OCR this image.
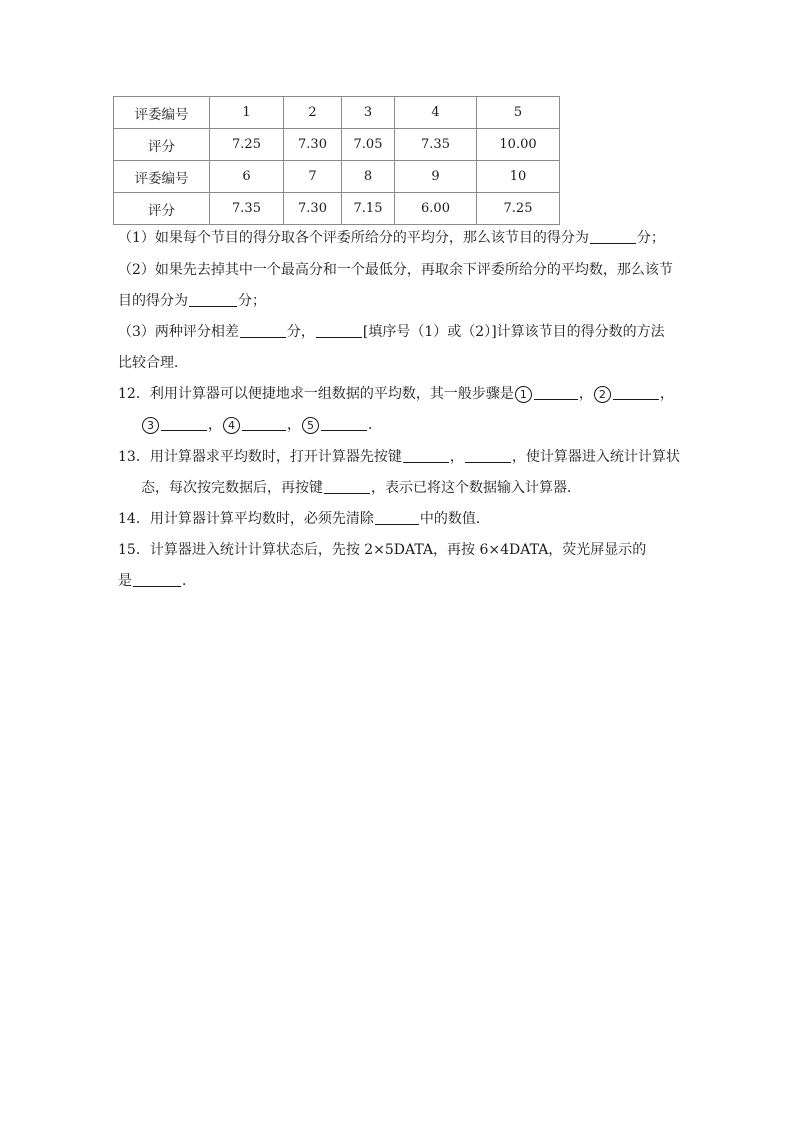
评委编号	1	2	3	4	5
评分	7.25	7.30	7.05	7.35	10.00
评委编号	6	7	8	9	10
评分	7.35	7.30	7.15	6.00	7.25
（1）如果每个节目的得分取各个评委所给分的平均分，那么该节目的得分为	分；
（2）如果先去掉其中一个最高分和一个最低分，再取余下评委所给分的平均数，那么该节
目的得分为	分；
（3）两种评分相差	分，	[填序号（1）或（2）]计算该节目的得分数的方法
比较合理．
12．利用计算器可以便捷地求一组数据的平均数，其一般步骤是 1	， 2	，
3	， 4	， 5	．
13．用计算器求平均数时，打开计算器先按键	，	，使计算器进入统计计算状
态，每次按完数据后，再按键	，表示已将这个数据输入计算器．
14．用计算器计算平均数时，必须先清除	中的数值．
15．计算器进入统计计算状态后，先按 2×5DATA，再按 6×4DATA，荧光屏显示的
是	．
